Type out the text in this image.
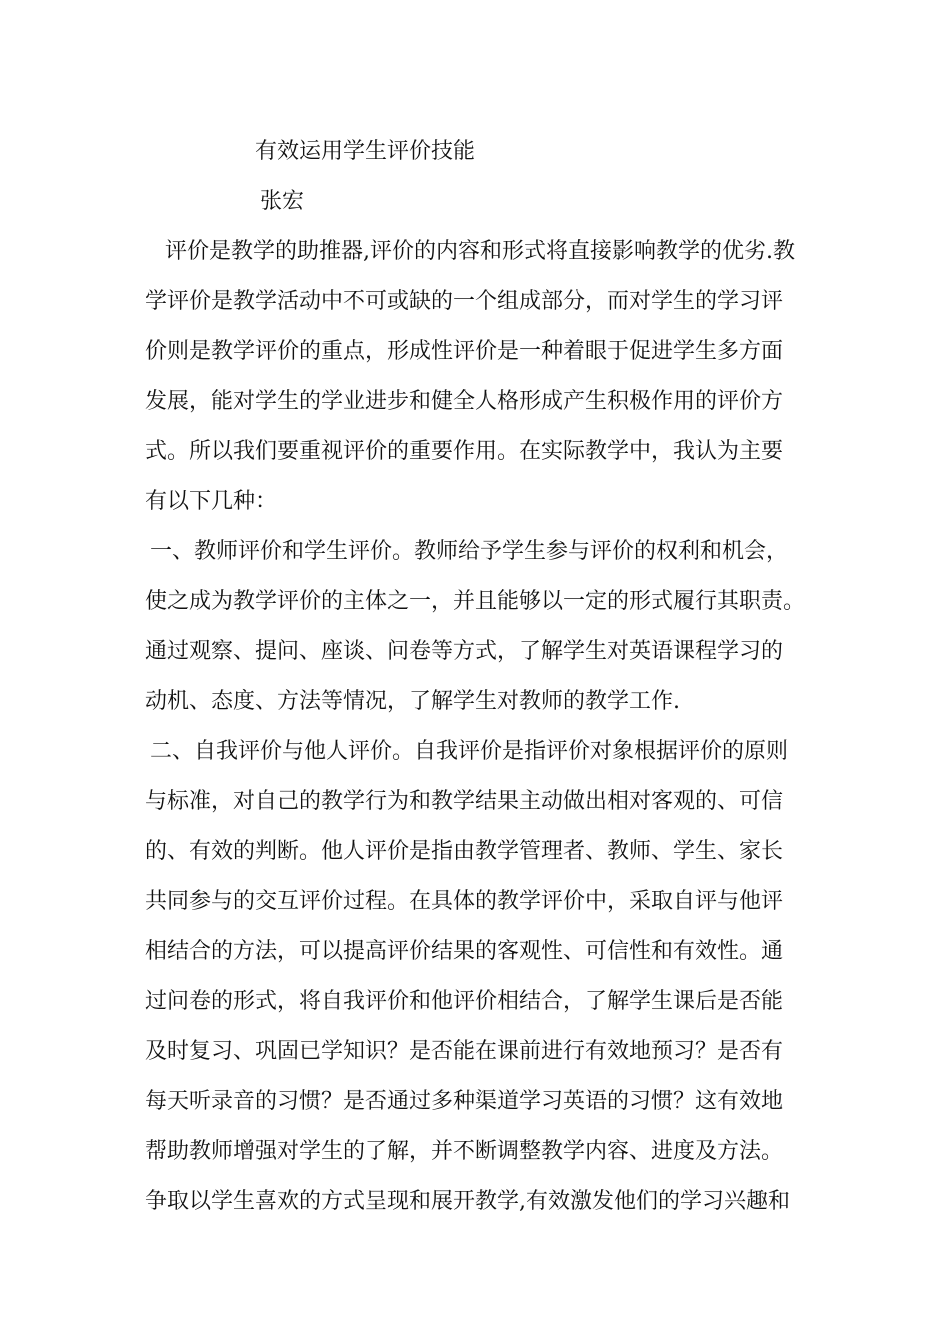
有效运用学生评价技能
张宏
评价是教学的助推器,评价的内容和形式将直接影响教学的优劣.教
学评价是教学活动中不可或缺的一个组成部分，而对学生的学习评
价则是教学评价的重点，形成性评价是一种着眼于促进学生多方面
发展，能对学生的学业进步和健全人格形成产生积极作用的评价方
式。所以我们要重视评价的重要作用。在实际教学中，我认为主要
有以下几种：
一、教师评价和学生评价。教师给予学生参与评价的权利和机会，
使之成为教学评价的主体之一，并且能够以一定的形式履行其职责。
通过观察、提问、座谈、问卷等方式，了解学生对英语课程学习的
动机、态度、方法等情况，了解学生对教师的教学工作.
二、自我评价与他人评价。自我评价是指评价对象根据评价的原则
与标准，对自己的教学行为和教学结果主动做出相对客观的、可信
的、有效的判断。他人评价是指由教学管理者、教师、学生、家长
共同参与的交互评价过程。在具体的教学评价中，采取自评与他评
相结合的方法，可以提高评价结果的客观性、可信性和有效性。通
过问卷的形式，将自我评价和他评价相结合，了解学生课后是否能
及时复习、巩固已学知识？是否能在课前进行有效地预习？是否有
每天听录音的习惯？是否通过多种渠道学习英语的习惯？这有效地
帮助教师增强对学生的了解，并不断调整教学内容、进度及方法。
争取以学生喜欢的方式呈现和展开教学,有效激发他们的学习兴趣和
